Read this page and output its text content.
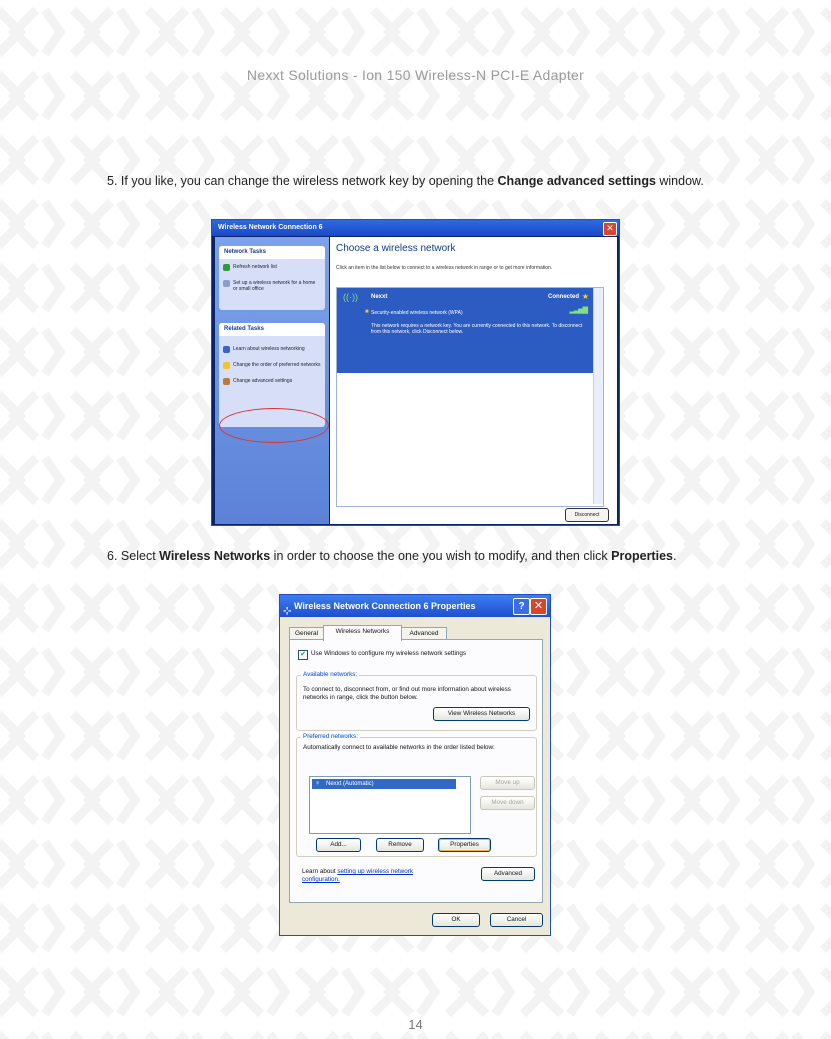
Nexxt Solutions - Ion 150 Wireless-N PCI-E Adapter
5. If you like, you can change the wireless network key by opening the Change advanced settings window.
Wireless Network Connection 6	✕
Network Tasks
Refresh network list
Set up a wireless network for a home or small office
Related Tasks
Learn about wireless networking
Change the order of preferred networks
Change advanced settings
Choose a wireless network
Click an item in the list below to connect to a wireless network in range or to get more information.
((·)) Nexxt	Connected ★
■ Security-enabled wireless network (WPA)	▂▃▅▇
This network requires a network key. You are currently connected to this network. To disconnect from this network, click Disconnect below.
Disconnect
6. Select Wireless Networks in order to choose the one you wish to modify, and then click Properties.
⊹ Wireless Network Connection 6 Properties	? ✕
General	Wireless Networks	Advanced
✔ Use Windows to configure my wireless network settings
Available networks:
To connect to, disconnect from, or find out more information about wireless networks in range, click the button below.
View Wireless Networks
Preferred networks:
Automatically connect to available networks in the order listed below:
♀ Nexxt (Automatic)	Move up
Move down
Add...	Remove	Properties
Learn about setting up wireless network configuration.
Advanced
OK	Cancel
14
